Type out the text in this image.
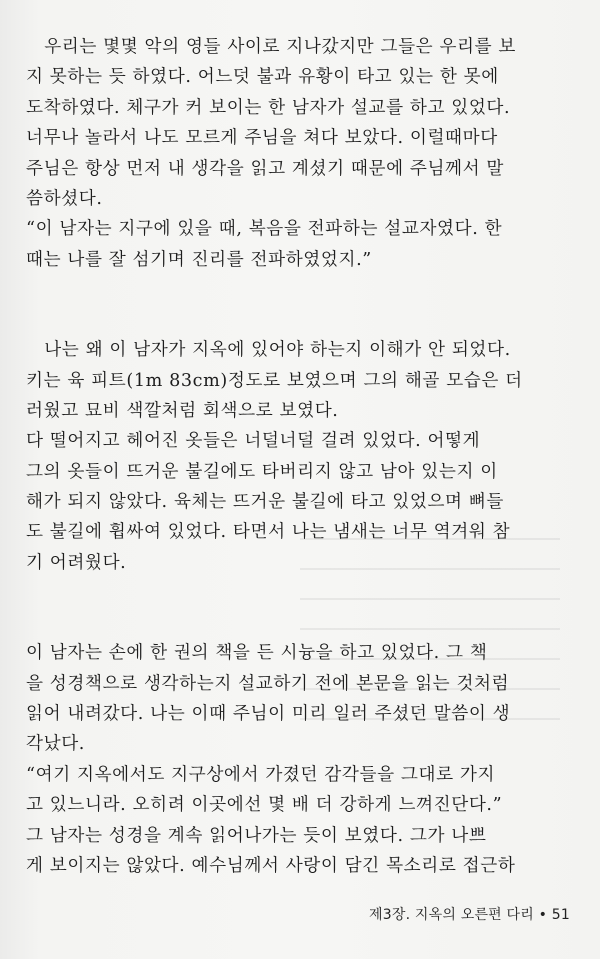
　우리는 몇몇 악의 영들 사이로 지나갔지만 그들은 우리를 보
지 못하는 듯 하였다. 어느덧 불과 유황이 타고 있는 한 못에
도착하였다. 체구가 커 보이는 한 남자가 설교를 하고 있었다.
너무나 놀라서 나도 모르게 주님을 쳐다 보았다. 이럴때마다
주님은 항상 먼저 내 생각을 읽고 계셨기 때문에 주님께서 말
씀하셨다.
“이 남자는 지구에 있을 때, 복음을 전파하는 설교자였다. 한
때는 나를 잘 섬기며 진리를 전파하였었지.”
　나는 왜 이 남자가 지옥에 있어야 하는지 이해가 안 되었다.
키는 육 피트(1m 83cm)정도로 보였으며 그의 해골 모습은 더
러웠고 묘비 색깔처럼 회색으로 보였다.
다 떨어지고 헤어진 옷들은 너덜너덜 걸려 있었다. 어떻게
그의 옷들이 뜨거운 불길에도 타버리지 않고 남아 있는지 이
해가 되지 않았다. 육체는 뜨거운 불길에 타고 있었으며 뼈들
도 불길에 휩싸여 있었다. 타면서 나는 냄새는 너무 역겨워 참
기 어려웠다.
이 남자는 손에 한 권의 책을 든 시늉을 하고 있었다. 그 책
을 성경책으로 생각하는지 설교하기 전에 본문을 읽는 것처럼
읽어 내려갔다. 나는 이때 주님이 미리 일러 주셨던 말씀이 생
각났다.
“여기 지옥에서도 지구상에서 가졌던 감각들을 그대로 가지
고 있느니라. 오히려 이곳에선 몇 배 더 강하게 느껴진단다.”
그 남자는 성경을 계속 읽어나가는 듯이 보였다. 그가 나쁘
게 보이지는 않았다. 예수님께서 사랑이 담긴 목소리로 접근하
제3장. 지옥의 오른편 다리 • 51
